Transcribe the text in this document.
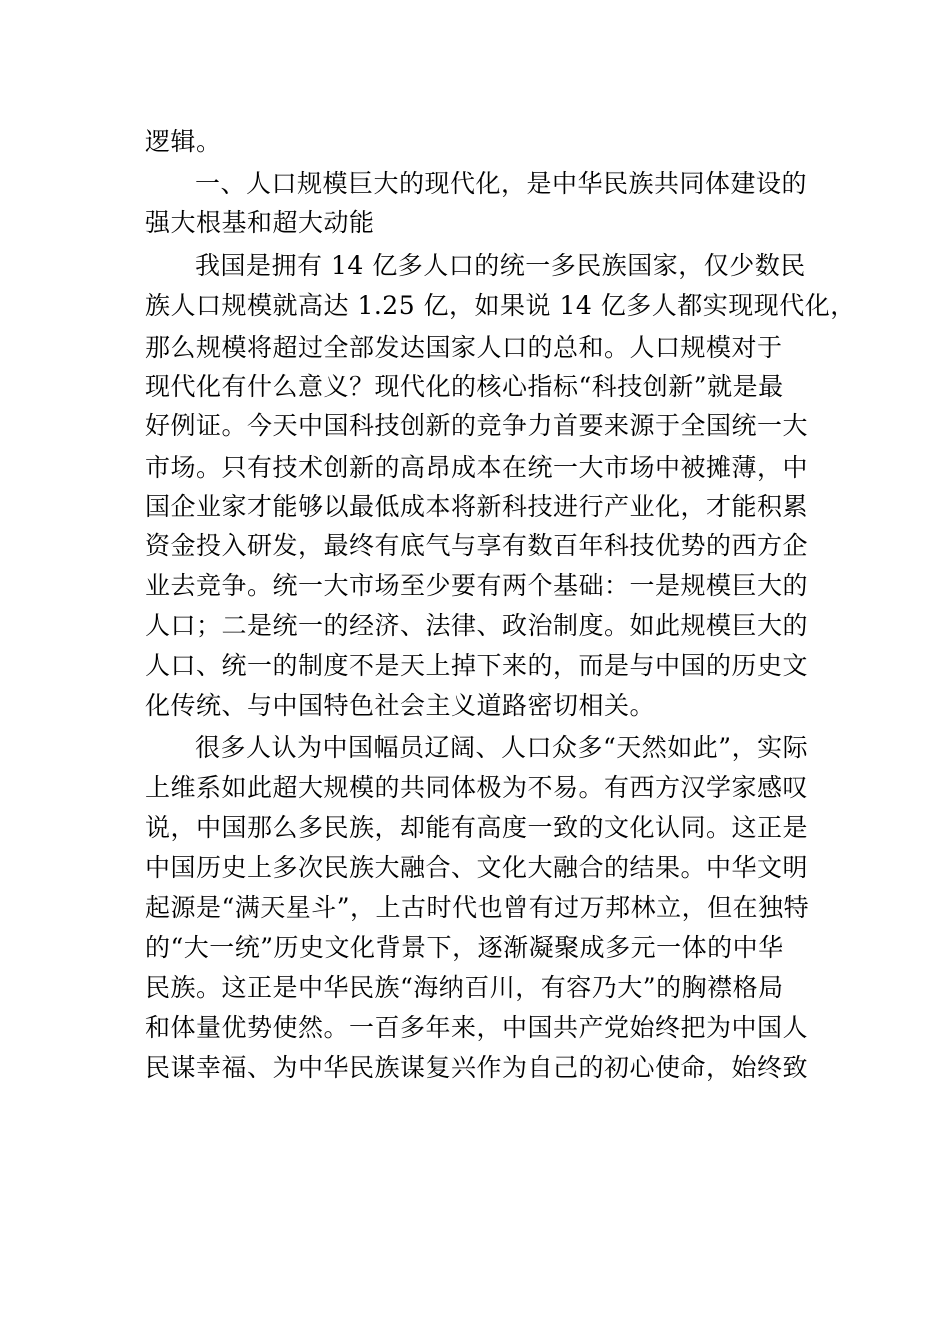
逻辑。
一、人口规模巨大的现代化，是中华民族共同体建设的
强大根基和超大动能
我国是拥有 14 亿多人口的统一多民族国家，仅少数民
族人口规模就高达 1.25 亿，如果说 14 亿多人都实现现代化，
那么规模将超过全部发达国家人口的总和。人口规模对于
现代化有什么意义？现代化的核心指标“科技创新”就是最
好例证。今天中国科技创新的竞争力首要来源于全国统一大
市场。只有技术创新的高昂成本在统一大市场中被摊薄，中
国企业家才能够以最低成本将新科技进行产业化，才能积累
资金投入研发，最终有底气与享有数百年科技优势的西方企
业去竞争。统一大市场至少要有两个基础：一是规模巨大的
人口；二是统一的经济、法律、政治制度。如此规模巨大的
人口、统一的制度不是天上掉下来的，而是与中国的历史文
化传统、与中国特色社会主义道路密切相关。
很多人认为中国幅员辽阔、人口众多“天然如此”，实际
上维系如此超大规模的共同体极为不易。有西方汉学家感叹
说，中国那么多民族，却能有高度一致的文化认同。这正是
中国历史上多次民族大融合、文化大融合的结果。中华文明
起源是“满天星斗”，上古时代也曾有过万邦林立，但在独特
的“大一统”历史文化背景下，逐渐凝聚成多元一体的中华
民族。这正是中华民族“海纳百川，有容乃大”的胸襟格局
和体量优势使然。一百多年来，中国共产党始终把为中国人
民谋幸福、为中华民族谋复兴作为自己的初心使命，始终致
